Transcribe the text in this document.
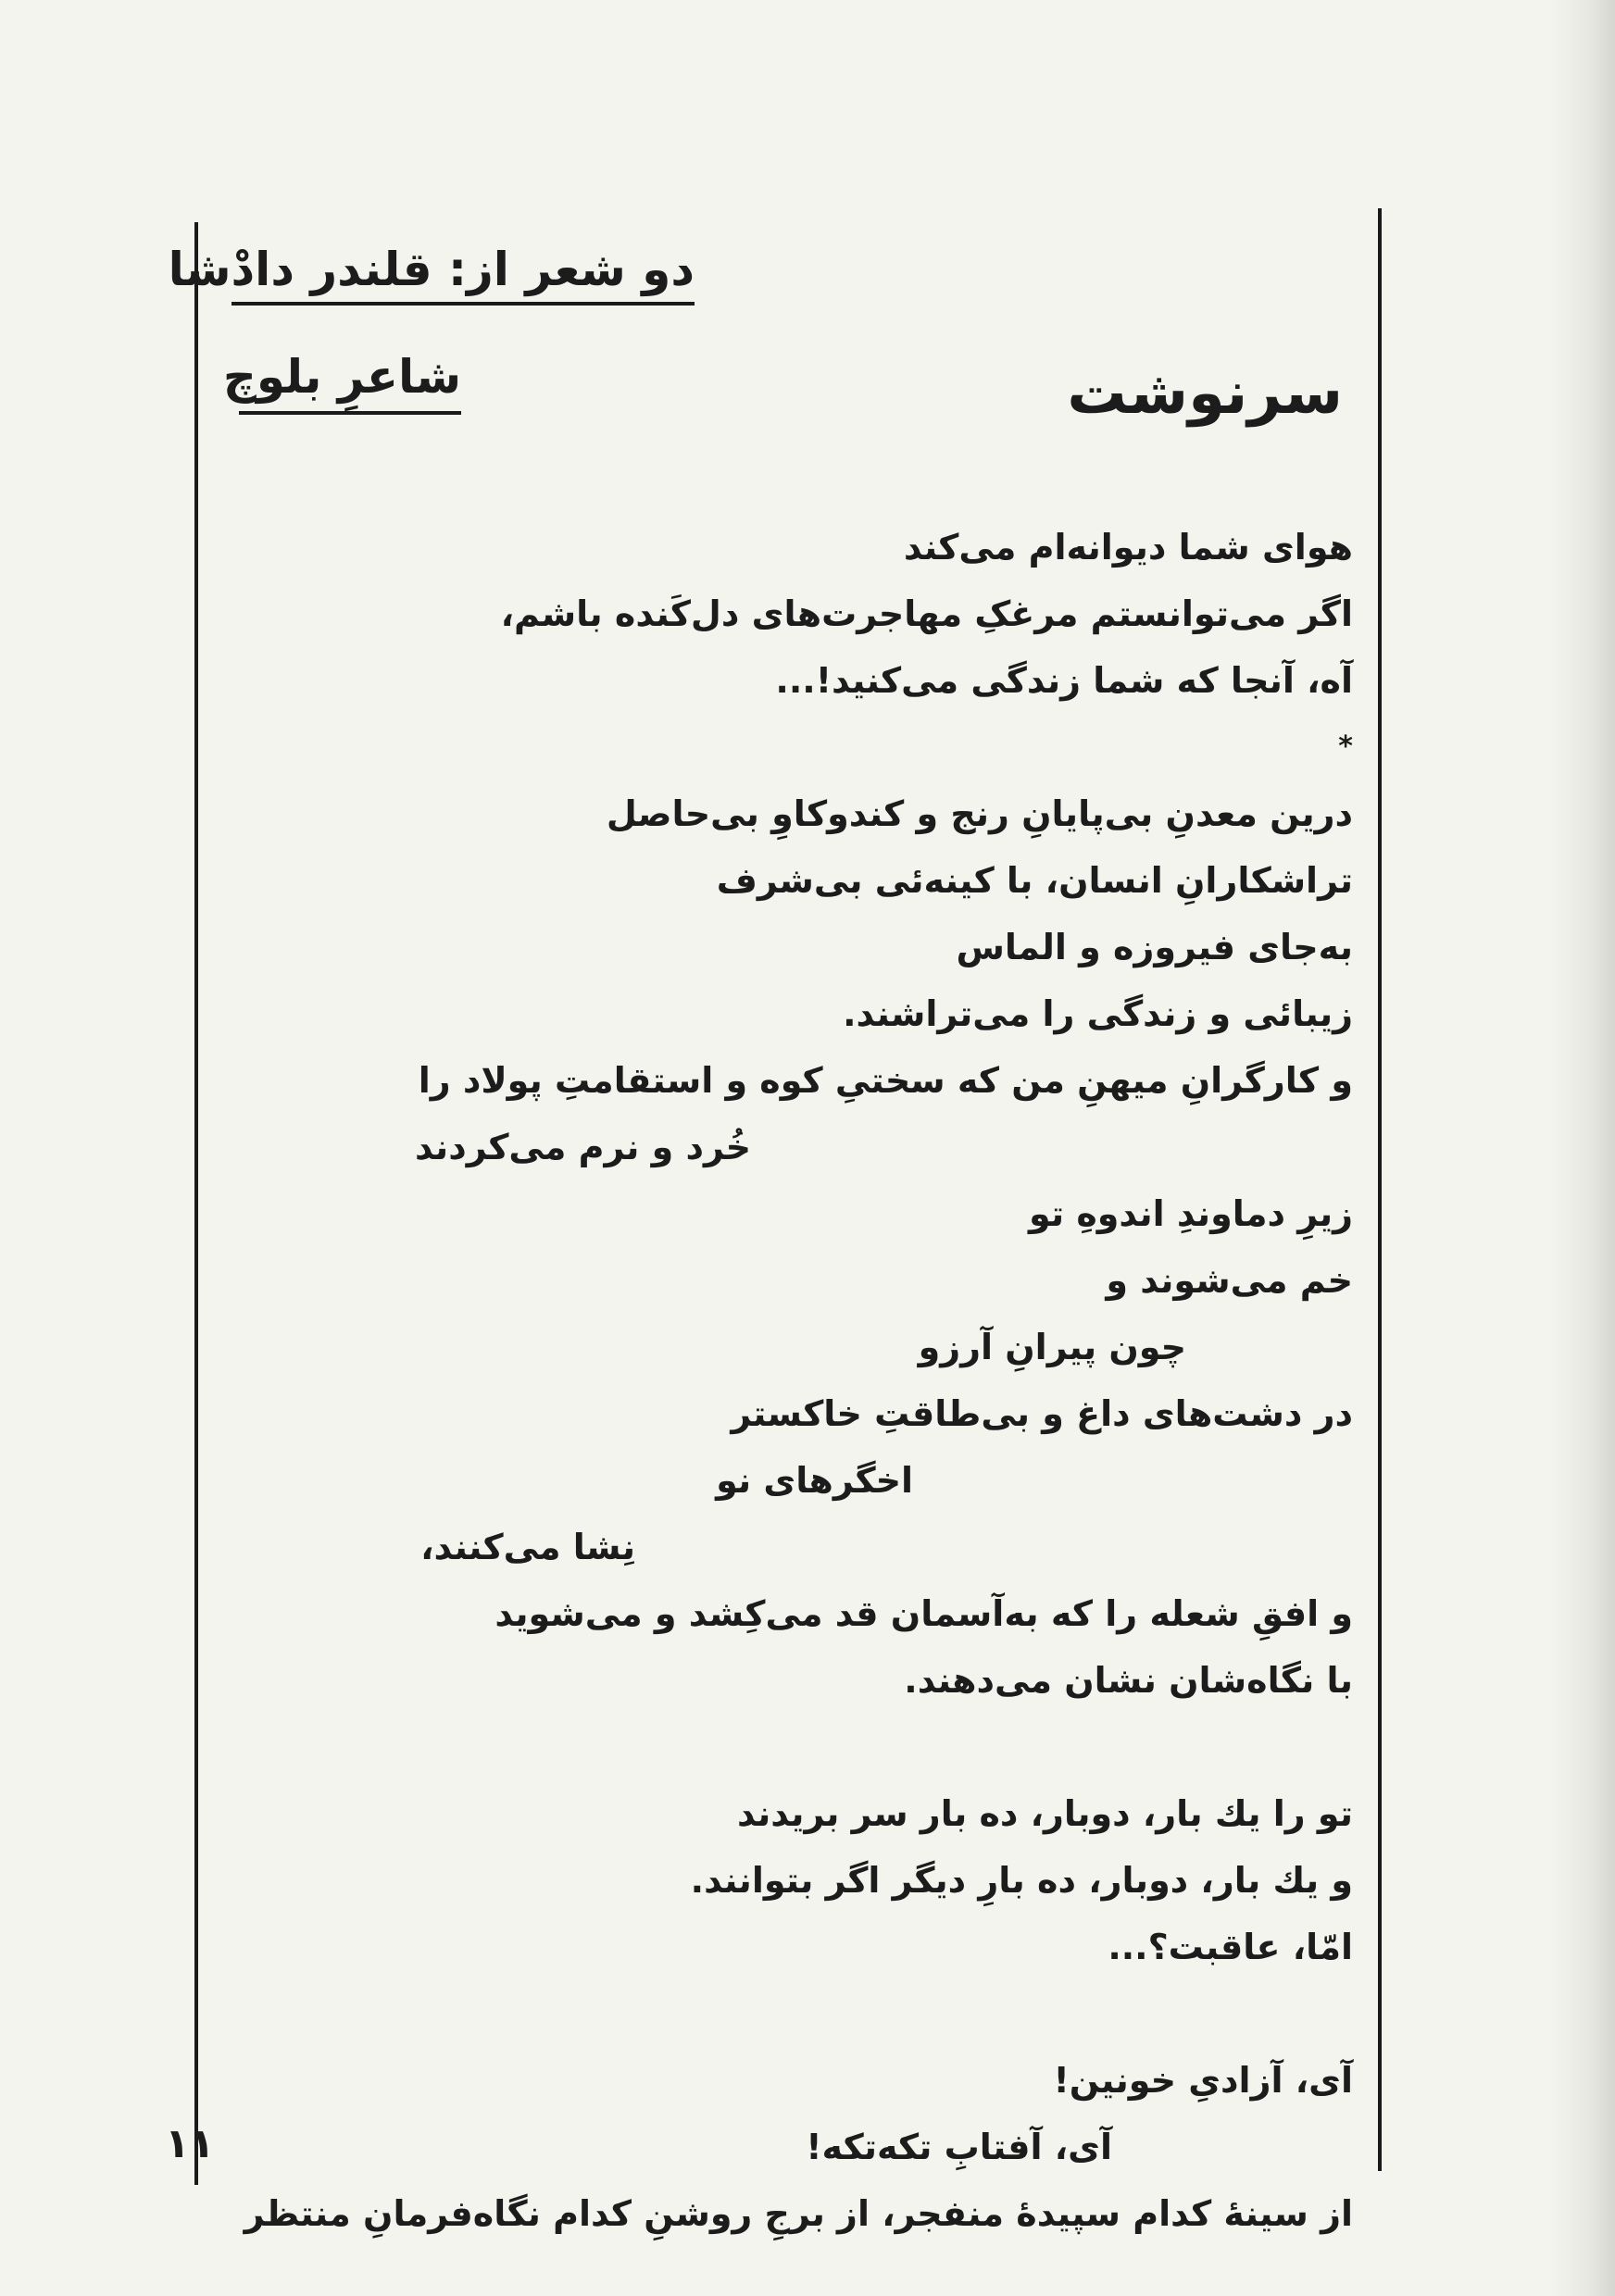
دو شعر از: قلندر دادْشا
شاعرِ بلوچ	سرنوشت
هوای شما دیوانه‌ام می‌کند
اگر می‌توانستم مرغکِ مهاجرت‌های دل‌کَنده باشم،
آه، آنجا که شما زندگی می‌کنید!...
*
درین معدنِ بی‌پایانِ رنج و کندوکاوِ بی‌حاصل
تراشکارانِ انسان، با کینه‌ئی بی‌شرف
به‌جای فیروزه و الماس
زیبائی و زندگی را می‌تراشند.
و کارگرانِ میهنِ من که سختیِ کوه و استقامتِ پولاد را
خُرد و نرم می‌کردند
زیرِ دماوندِ اندوهِ تو
خم می‌شوند و
چون پیرانِ آرزو
در دشت‌های داغ و بی‌طاقتِ خاکستر
اخگرهای نو
نِشا می‌کنند،
و افقِ شعله را که به‌آسمان قد می‌کِشد و می‌شوید
با نگاه‌شان نشان می‌دهند.
تو را یك بار، دوبار، ده بار سر بریدند
و یك بار، دوبار، ده بارِ دیگر اگر بتوانند.
امّا، عاقبت؟...
آی، آزادیِ خونین!
آی، آفتابِ تکه‌تکه!
از سینهٔ کدام سپیدهٔ منفجر، از برجِ روشنِ کدام نگاه‌فرمانِ منتظر
۱۱
